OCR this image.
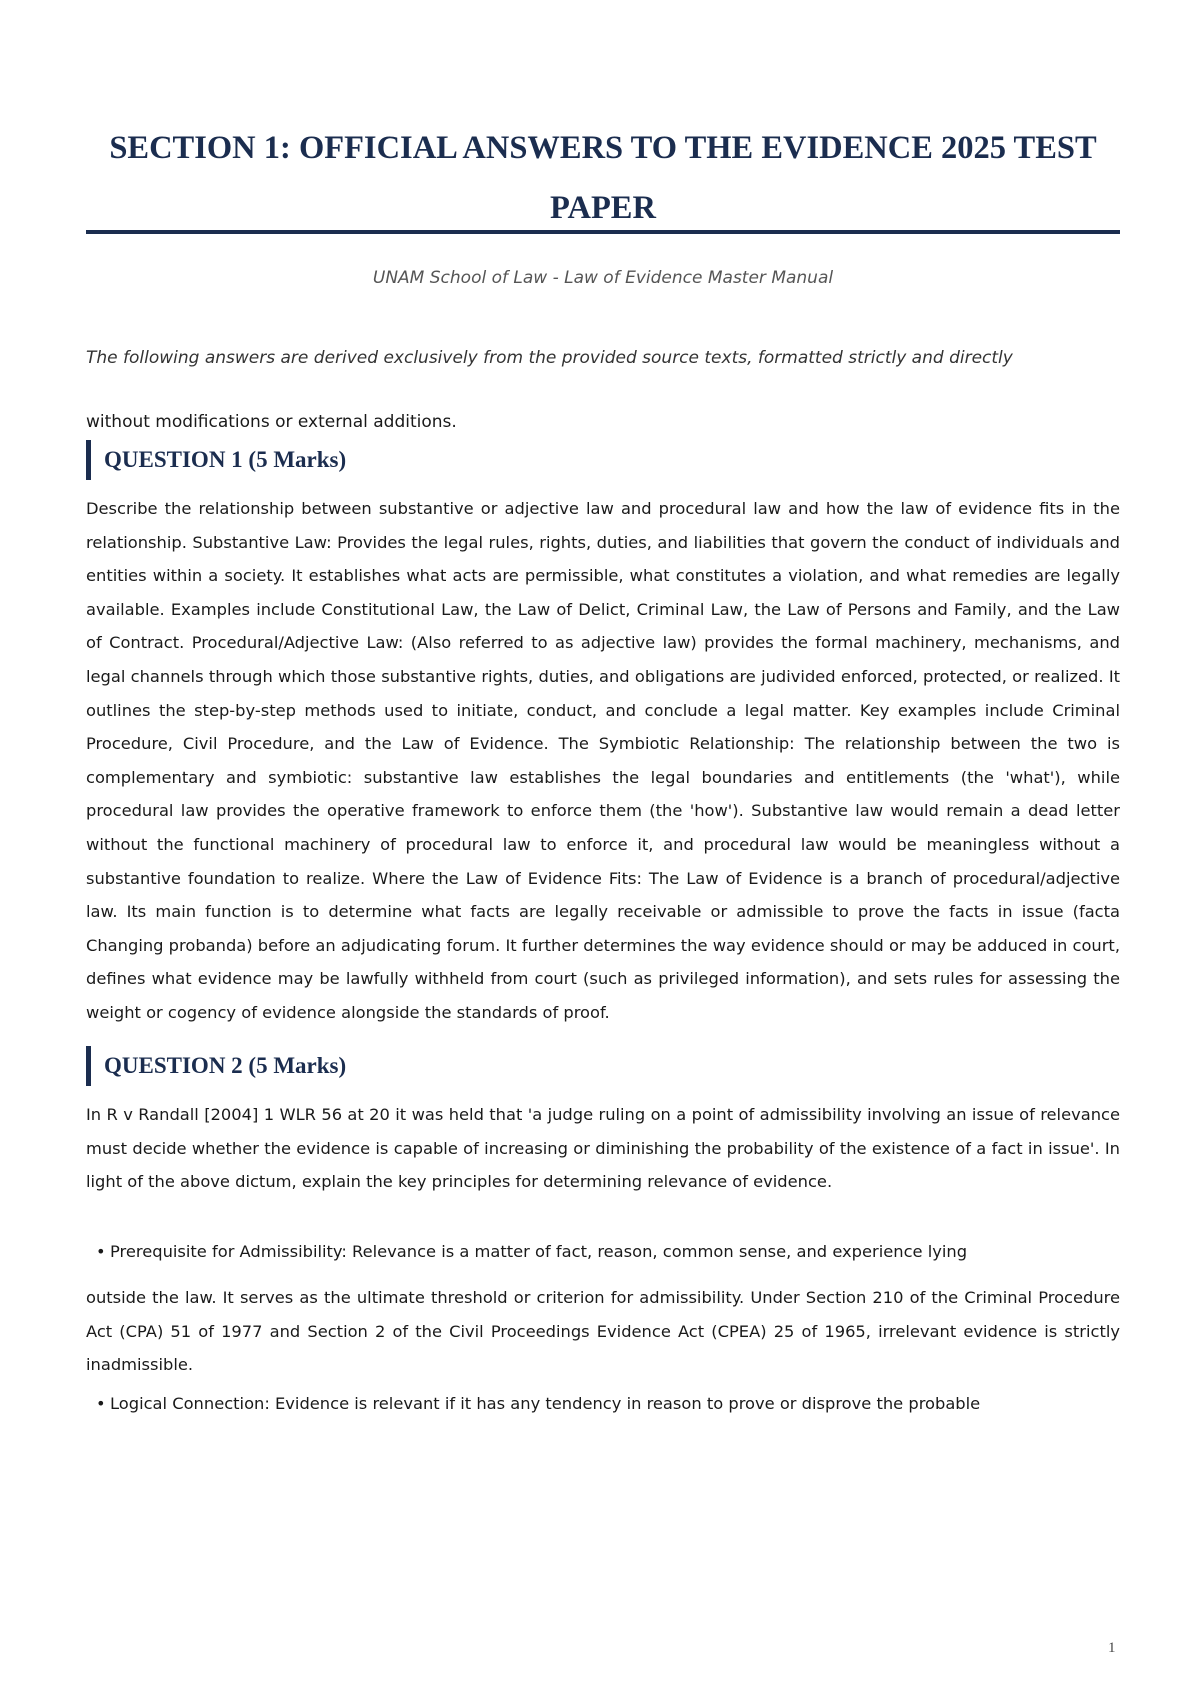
SECTION 1: OFFICIAL ANSWERS TO THE EVIDENCE 2025 TEST PAPER
UNAM School of Law - Law of Evidence Master Manual
The following answers are derived exclusively from the provided source texts, formatted strictly and directly
without modifications or external additions.
QUESTION 1 (5 Marks)

Describe the relationship between substantive or adjective law and procedural law and how the law of evidence fits in the relationship. Substantive Law: Provides the legal rules, rights, duties, and liabilities that govern the conduct of individuals and entities within a society. It establishes what acts are permissible, what constitutes a violation, and what remedies are legally available. Examples include Constitutional Law, the Law of Delict, Criminal Law, the Law of Persons and Family, and the Law of Contract. Procedural/Adjective Law: (Also referred to as adjective law) provides the formal machinery, mechanisms, and legal channels through which those substantive rights, duties, and obligations are judivided enforced, protected, or realized. It outlines the step-by-step methods used to initiate, conduct, and conclude a legal matter. Key examples include Criminal Procedure, Civil Procedure, and the Law of Evidence. The Symbiotic Relationship: The relationship between the two is complementary and symbiotic: substantive law establishes the legal boundaries and entitlements (the 'what'), while procedural law provides the operative framework to enforce them (the 'how'). Substantive law would remain a dead letter without the functional machinery of procedural law to enforce it, and procedural law would be meaningless without a substantive foundation to realize. Where the Law of Evidence Fits: The Law of Evidence is a branch of procedural/adjective law. Its main function is to determine what facts are legally receivable or admissible to prove the facts in issue (facta Changing probanda) before an adjudicating forum. It further determines the way evidence should or may be adduced in court, defines what evidence may be lawfully withheld from court (such as privileged information), and sets rules for assessing the weight or cogency of evidence alongside the standards of proof.

QUESTION 2 (5 Marks)

In R v Randall [2004] 1 WLR 56 at 20 it was held that 'a judge ruling on a point of admissibility involving an issue of relevance must decide whether the evidence is capable of increasing or diminishing the probability of the existence of a fact in issue'. In light of the above dictum, explain the key principles for determining relevance of evidence.

• Prerequisite for Admissibility: Relevance is a matter of fact, reason, common sense, and experience lying

outside the law. It serves as the ultimate threshold or criterion for admissibility. Under Section 210 of the Criminal Procedure Act (CPA) 51 of 1977 and Section 2 of the Civil Proceedings Evidence Act (CPEA) 25 of 1965, irrelevant evidence is strictly inadmissible.

• Logical Connection: Evidence is relevant if it has any tendency in reason to prove or disprove the probable
1
